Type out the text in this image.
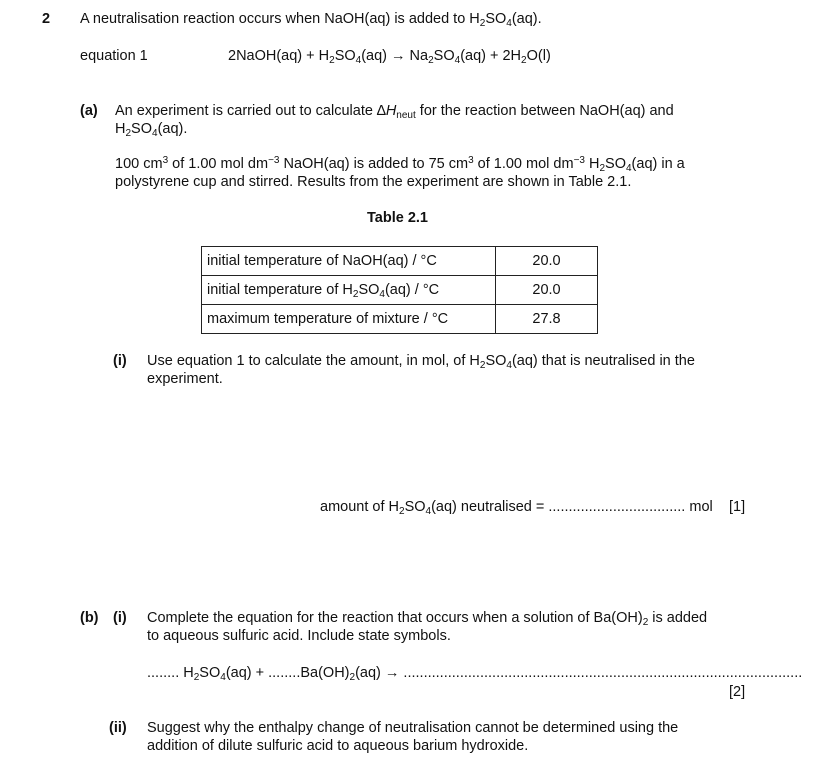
2 A neutralisation reaction occurs when NaOH(aq) is added to $H_2SO_4(aq)$.
equation 1	2NaOH(aq) + $H_2SO_4(aq) \to Na_2SO_4(aq) + 2H_2O(l)$
(a) An experiment is carried out to calculate $\Delta H_{neut}$ for the reaction between NaOH(aq) and
$H_2SO_4(aq)$.
100 $cm^3$ of 1.00 mol $dm^{-3}$ NaOH(aq) is added to 75 $cm^3$ of 1.00 mol $dm^{-3}$ $H_2SO_4(aq)$ in a
polystyrene cup and stirred. Results from the experiment are shown in Table 2.1.
Table 2.1
initial temperature of NaOH(aq) / °C	20.0
initial temperature of $H_2SO_4(aq) / ^\circ C$	20.0
maximum temperature of mixture / °C	27.8
(i) Use equation 1 to calculate the amount, in mol, of $H_2SO_4(aq)$ that is neutralised in the
experiment.
amount of $H_2SO_4(aq)$ neutralised = .................................. mol [1]
(b) (i) Complete the equation for the reaction that occurs when a solution of $Ba(OH)_2$ is added
to aqueous sulfuric acid. Include state symbols.
........ $H_2SO_4(aq) + ........Ba(OH)_2(aq)$ → ...................................................................................................
[2]
(ii) Suggest why the enthalpy change of neutralisation cannot be determined using the
addition of dilute sulfuric acid to aqueous barium hydroxide.
